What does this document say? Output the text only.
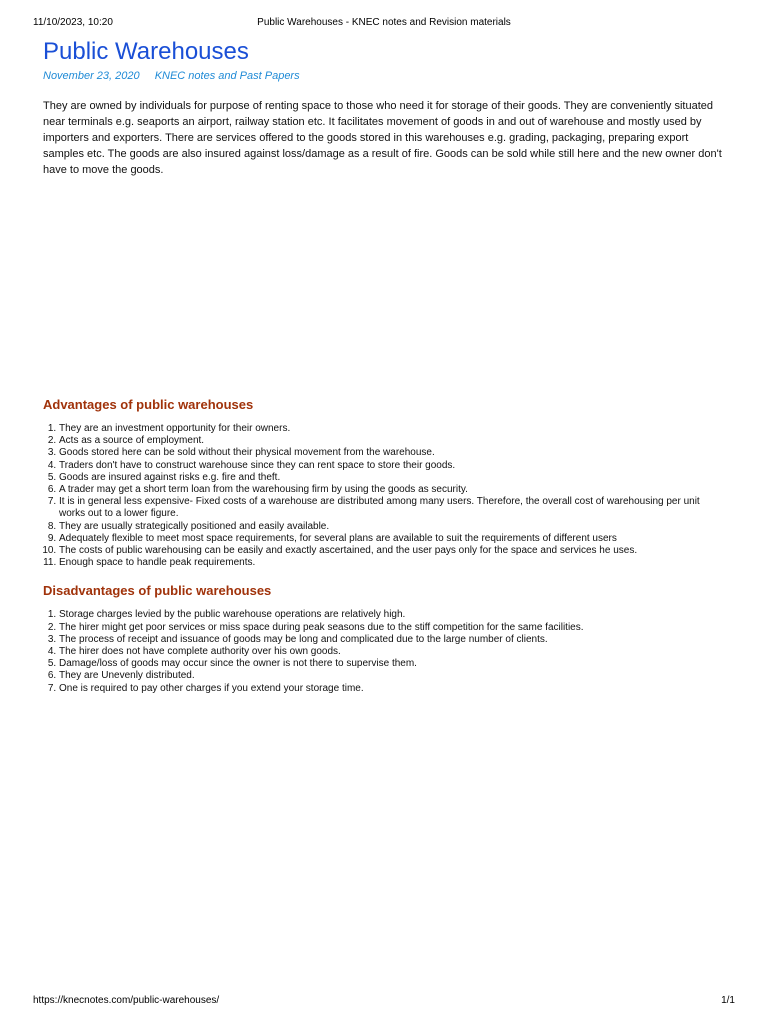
11/10/2023, 10:20	Public Warehouses - KNEC notes and Revision materials
Public Warehouses
November 23, 2020 KNEC notes and Past Papers

They are owned by individuals for purpose of renting space to those who need it for storage of their goods. They are conveniently situated near terminals e.g. seaports an airport, railway station etc. It facilitates movement of goods in and out of warehouse and mostly used by importers and exporters. There are services offered to the goods stored in this warehouses e.g. grading, packaging, preparing export samples etc. The goods are also insured against loss/damage as a result of fire. Goods can be sold while still here and the new owner don't have to move the goods.

Advantages of public warehouses
1. They are an investment opportunity for their owners.
2. Acts as a source of employment.
3. Goods stored here can be sold without their physical movement from the warehouse.
4. Traders don't have to construct warehouse since they can rent space to store their goods.
5. Goods are insured against risks e.g. fire and theft.
6. A trader may get a short term loan from the warehousing firm by using the goods as security.
7. It is in general less expensive- Fixed costs of a warehouse are distributed among many users. Therefore, the overall cost of warehousing per unit works out to a lower figure.
8. They are usually strategically positioned and easily available.
9. Adequately flexible to meet most space requirements, for several plans are available to suit the requirements of different users
10. The costs of public warehousing can be easily and exactly ascertained, and the user pays only for the space and services he uses.
11. Enough space to handle peak requirements.
Disadvantages of public warehouses
1. Storage charges levied by the public warehouse operations are relatively high.
2. The hirer might get poor services or miss space during peak seasons due to the stiff competition for the same facilities.
3. The process of receipt and issuance of goods may be long and complicated due to the large number of clients.
4. The hirer does not have complete authority over his own goods.
5. Damage/loss of goods may occur since the owner is not there to supervise them.
6. They are Unevenly distributed.
7. One is required to pay other charges if you extend your storage time.
https://knecnotes.com/public-warehouses/	1/1
